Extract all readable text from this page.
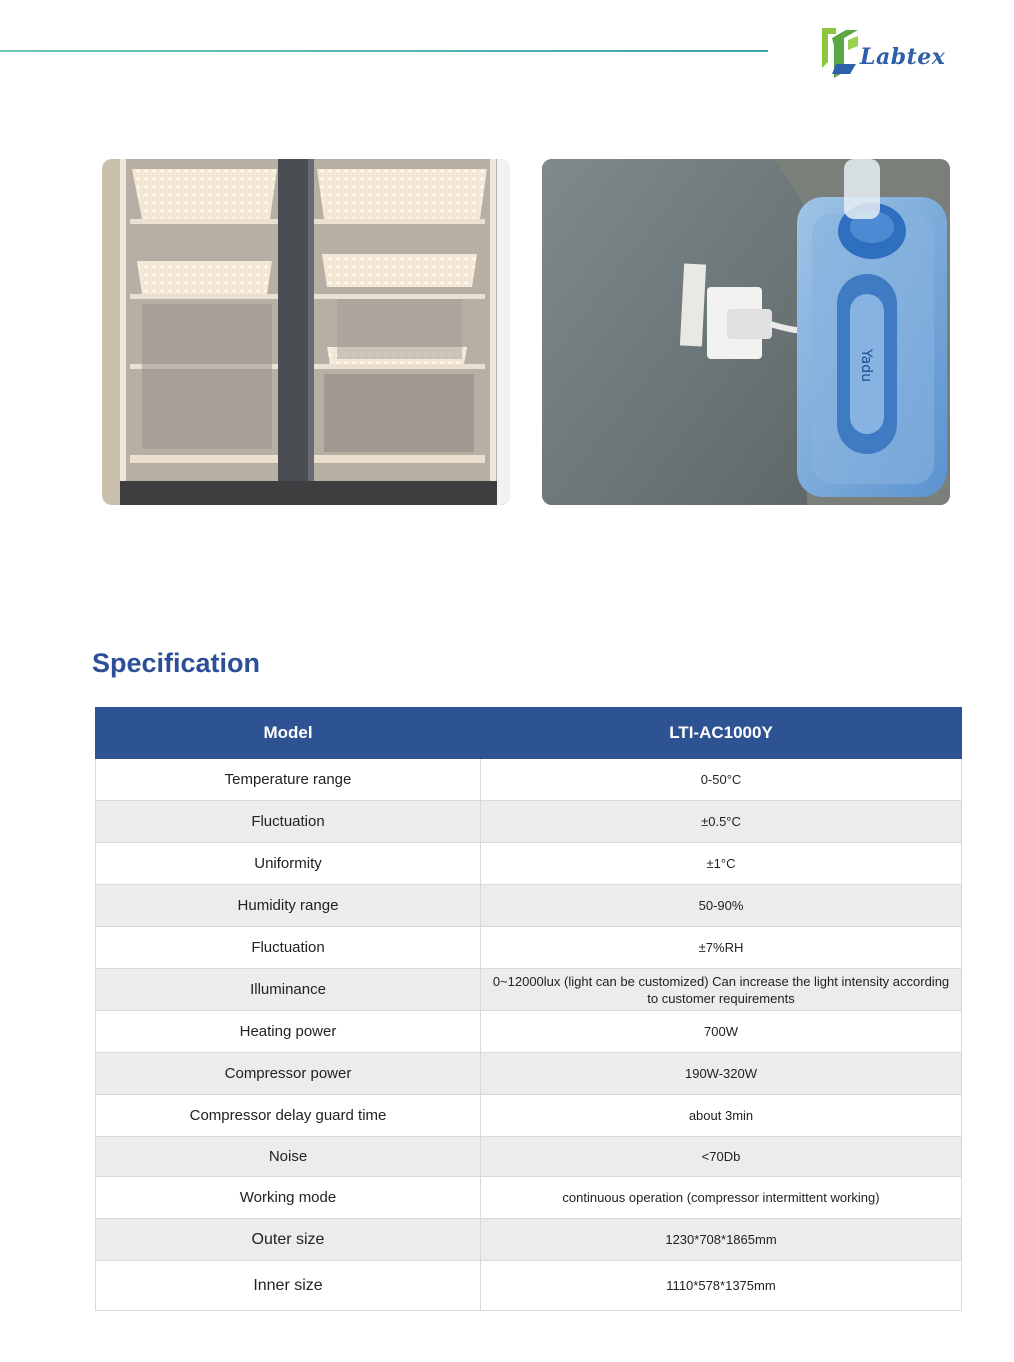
Labtex
Yadu
Specification
Model	LTI-AC1000Y
Temperature range	0-50°C
Fluctuation	±0.5°C
Uniformity	±1°C
Humidity range	50-90%
Fluctuation	±7%RH
Illuminance	0~12000lux (light can be customized) Can increase the light intensity according to customer requirements
Heating power	700W
Compressor power	190W-320W
Compressor delay guard time	about 3min
Noise	<70Db
Working mode	continuous operation (compressor intermittent working)
Outer size	1230*708*1865mm
Inner size	1110*578*1375mm
